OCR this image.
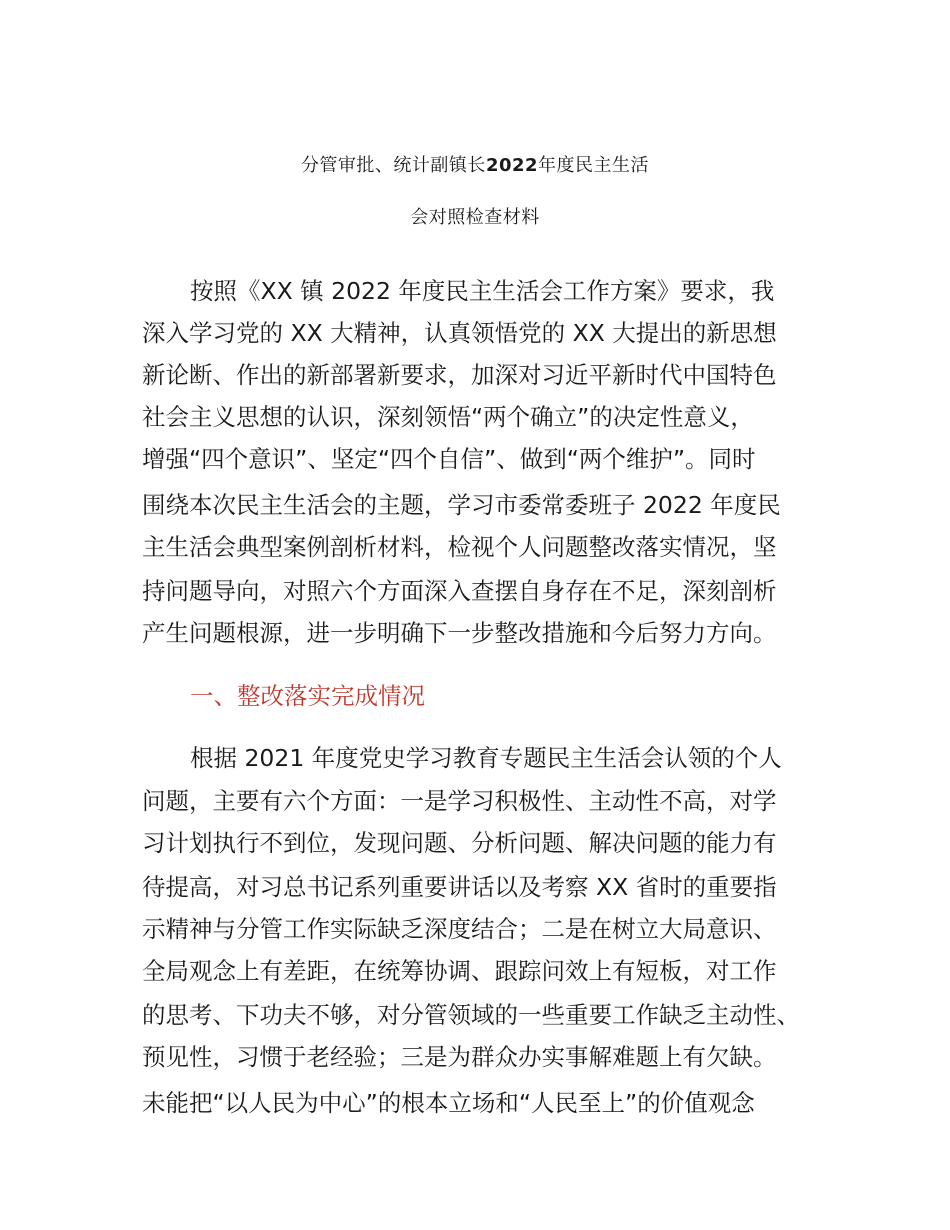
分管审批、统计副镇长2022年度民主生活
会对照检查材料
按照《XX 镇 2022 年度民主生活会工作方案》要求，我
深入学习党的 XX 大精神，认真领悟党的 XX 大提出的新思想
新论断、作出的新部署新要求，加深对习近平新时代中国特色
社会主义思想的认识，深刻领悟“两个确立”的决定性意义，
增强“四个意识”、坚定“四个自信”、做到“两个维护”。同时
围绕本次民主生活会的主题，学习市委常委班子 2022 年度民
主生活会典型案例剖析材料，检视个人问题整改落实情况，坚
持问题导向，对照六个方面深入查摆自身存在不足，深刻剖析
产生问题根源，进一步明确下一步整改措施和今后努力方向。
一、整改落实完成情况
根据 2021 年度党史学习教育专题民主生活会认领的个人
问题，主要有六个方面：一是学习积极性、主动性不高，对学
习计划执行不到位，发现问题、分析问题、解决问题的能力有
待提高，对习总书记系列重要讲话以及考察 XX 省时的重要指
示精神与分管工作实际缺乏深度结合；二是在树立大局意识、
全局观念上有差距，在统筹协调、跟踪问效上有短板，对工作
的思考、下功夫不够，对分管领域的一些重要工作缺乏主动性、
预见性，习惯于老经验；三是为群众办实事解难题上有欠缺。
未能把“以人民为中心”的根本立场和“人民至上”的价值观念
